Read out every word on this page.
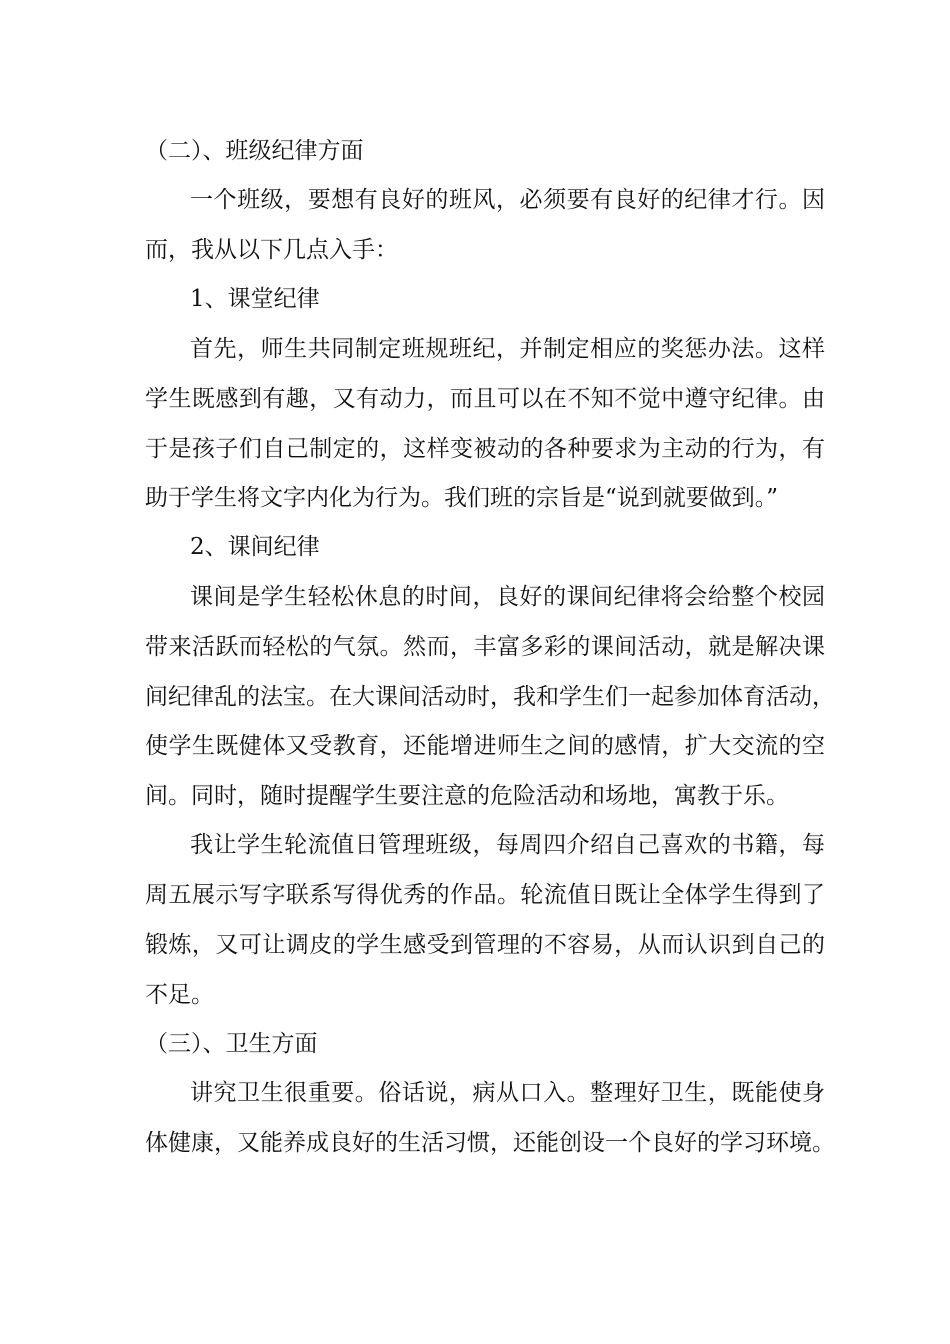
（二）、班级纪律方面
一个班级，要想有良好的班风，必须要有良好的纪律才行。因
而，我从以下几点入手：
1、课堂纪律
首先，师生共同制定班规班纪，并制定相应的奖惩办法。这样
学生既感到有趣，又有动力，而且可以在不知不觉中遵守纪律。由
于是孩子们自己制定的，这样变被动的各种要求为主动的行为，有
助于学生将文字内化为行为。我们班的宗旨是“说到就要做到。”
2、课间纪律
课间是学生轻松休息的时间，良好的课间纪律将会给整个校园
带来活跃而轻松的气氛。然而，丰富多彩的课间活动，就是解决课
间纪律乱的法宝。在大课间活动时，我和学生们一起参加体育活动，
使学生既健体又受教育，还能增进师生之间的感情，扩大交流的空
间。同时，随时提醒学生要注意的危险活动和场地，寓教于乐。
我让学生轮流值日管理班级，每周四介绍自己喜欢的书籍，每
周五展示写字联系写得优秀的作品。轮流值日既让全体学生得到了
锻炼，又可让调皮的学生感受到管理的不容易，从而认识到自己的
不足。
（三）、卫生方面
讲究卫生很重要。俗话说，病从口入。整理好卫生，既能使身
体健康，又能养成良好的生活习惯，还能创设一个良好的学习环境。
